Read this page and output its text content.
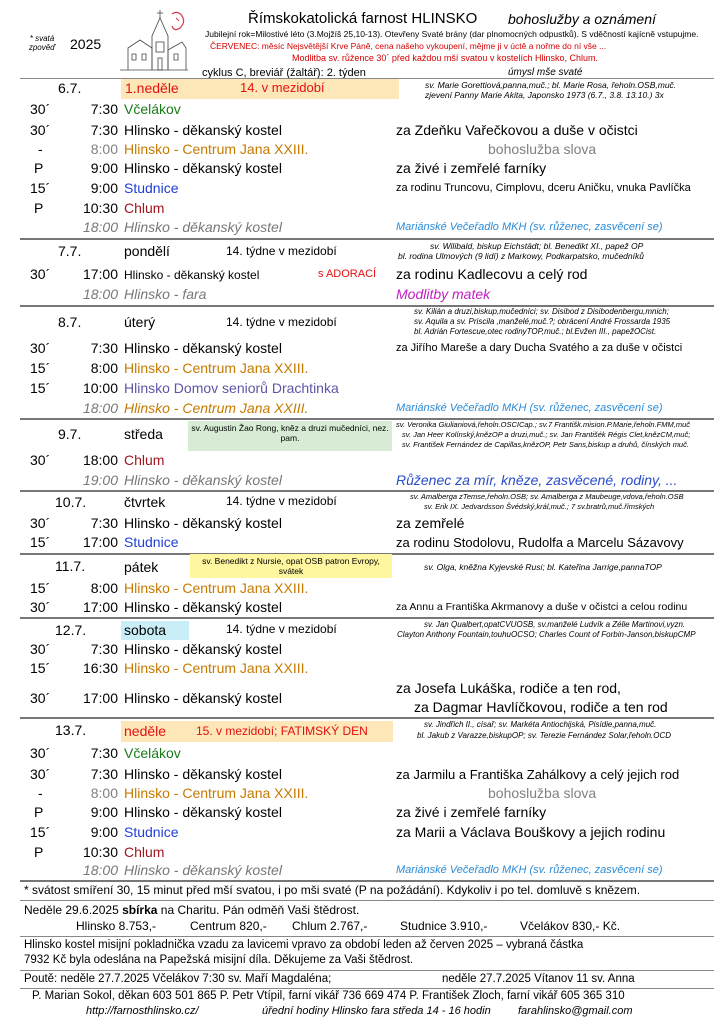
* svatá zpověď	2025
Římskokatolická farnost HLINSKO bohoslužby a oznámení
Jubilejní rok=Milostivé léto (3.Mojžíš 25,10-13). Otevřeny Svaté brány (dar plnomocných odpustků). S vděčností kajícně vstupujme.
ČERVENEC: měsíc Nejsvětější Krve Páně, cena našeho vykoupení, mějme ji v úctě a nořme do ní vše ...
Modlitba sv. růžence 30´ před každou mší svatou v kostelích Hlinsko, Chlum.
cyklus C, breviář (žaltář): 2. týden	úmysl mše svaté
6.7.	1.neděle	14. v mezidobí	sv. Marie Gorettiová,panna,muč.; bl. Marie Rosa, řeholn.OSB,muč.
zjevení Panny Marie Akita, Japonsko 1973 (6.7., 3.8. 13.10.) 3x
30´	7:30 Včelákov
30´	7:30 Hlinsko - děkanský kostel	za Zdeňku Vařečkovou a duše v očistci
-	8:00 Hlinsko - Centrum Jana XXIII.	bohoslužba slova
P	9:00 Hlinsko - děkanský kostel	za živé i zemřelé farníky
15´	9:00 Studnice	za rodinu Truncovu, Cimplovu, dceru Aničku, vnuka Pavlíčka
P	10:30 Chlum
18:00 Hlinsko - děkanský kostel	Mariánské Večeřadlo MKH (sv. růženec, zasvěcení se)
7.7.	pondělí	14. týdne v mezidobí	sv. Wilibald, biskup Eichstädt; bl. Benedikt XI., papež OP
bl. rodina Ulmových (9 lidí) z Markowy, Podkarpatsko, mučedníků
30´	17:00 Hlinsko - děkanský kostel	s ADORACÍ za rodinu Kadlecovu a celý rod
18:00 Hlinsko - fara	Modlitby matek
8.7.	úterý	14. týdne v mezidobí
sv. Kilián a druzi,biskup,mučedníci; sv. Disibod z Disibodenbergu,mnich;
sv. Aquila a sv. Priscila ,manželé,muč.?; obrácení André Frossarda 1935
bl. Adrián Fortescue,otec rodinyTOP,muč.; bl.Evžen III., papežOCist.
30´	7:30 Hlinsko - děkanský kostel	za Jiřího Mareše a dary Ducha Svatého a za duše v očistci
15´	8:00 Hlinsko - Centrum Jana XXIII.
15´	10:00 Hlinsko Domov seniorů Drachtinka
18:00 Hlinsko - Centrum Jana XXIII.	Mariánské Večeřadlo MKH (sv. růženec, zasvěcení se)
9.7.	středa	sv. Augustin Žao Rong, kněz a druzi mučedníci, nez. pam.
sv. Veronika Giulianiová,řeholn.OSCICap.; sv.7 Františk.mision.P.Marie,řeholn.FMM,muč
sv. Jan Heer Kolínský,knězOP a druzi,muč.; sv. Jan Františék Régis Clet,knězCM,muč;
sv. František Fernández de Capillas,knězOP, Petr Sans,biskup a druhů, čínských muč.
30´	18:00 Chlum
19:00 Hlinsko - děkanský kostel	Růženec za mír, kněze, zasvěcené, rodiny, ...
10.7.	čtvrtek	14. týdne v mezidobí	sv. Amalberga zTemse,řeholn.OSB; sv. Amalberga z Maubeuge,vdova,řeholn.OSB
sv. Erik IX. Jedvardsson Švédský,král,muč.; 7 sv.bratrů,muč.římských
30´	7:30 Hlinsko - děkanský kostel	za zemřelé
15´	17:00 Studnice	za rodinu Stodolovu, Rudolfa a Marcelu Sázavovy
11.7.	pátek	sv. Benedikt z Nursie, opat OSB patron Evropy, svátek	sv. Olga, kněžna Kyjevské Rusi; bl. Kateřina Jarrige,pannaTOP
15´	8:00 Hlinsko - Centrum Jana XXIII.
30´	17:00 Hlinsko - děkanský kostel	za Annu a Františka Akrmanovy a duše v očistci a celou rodinu
12.7.	sobota	14. týdne v mezidobí	sv. Jan Qualbert,opatCVUOSB, sv.manželé Ludvík a Zélie Martinovi,vyzn.
Clayton Anthony Fountain,touhuOCSO; Charles Count of Forbin-Janson,biskupCMP
30´	7:30 Hlinsko - děkanský kostel
15´	16:30 Hlinsko - Centrum Jana XXIII.
30´	17:00 Hlinsko - děkanský kostel
za Josefa Lukáška, rodiče a ten rod,
za Dagmar Havlíčkovou, rodiče a ten rod
13.7.	neděle 15. v mezidobí; FATIMSKÝ DEN	sv. Jindřich II., císař; sv. Markéta Antiochijská, Pisídie,panna,muč.
bl. Jakub z Varazze,biskupOP; sv. Terezie Fernández Solar,řeholn.OCD
30´	7:30 Včelákov
30´	7:30 Hlinsko - děkanský kostel	za Jarmilu a Františka Zahálkovy a celý jejich rod
-	8:00 Hlinsko - Centrum Jana XXIII.	bohoslužba slova
P	9:00 Hlinsko - děkanský kostel	za živé i zemřelé farníky
15´	9:00 Studnice	za Marii a Václava Bouškovy a jejich rodinu
P	10:30 Chlum
18:00 Hlinsko - děkanský kostel	Mariánské Večeřadlo MKH (sv. růženec, zasvěcení se)
* svátost smíření 30, 15 minut před mší svatou, i po mši svaté (P na požádání). Kdykoliv i po tel. domluvě s knězem.
Neděle 29.6.2025 sbírka na Charitu. Pán odměň Vaši štědrost.
Hlinsko 8.753,-	Centrum 820,- Chlum 2.767,-	Studnice 3.910,-	Včelákov 830,- Kč.
Hlinsko kostel misijní pokladnička vzadu za lavicemi vpravo za období leden až červen 2025 – vybraná částka
7932 Kč byla odeslána na Papežská misijní díla. Děkujeme za Vaši štědrost.
Poutě: neděle 27.7.2025 Včelákov 7:30 sv. Maří Magdaléna;	neděle 27.7.2025 Vítanov 11 sv. Anna
P. Marian Sokol, děkan 603 501 865 P. Petr Vtípil, farní vikář 736 669 474 P. František Zloch, farní vikář 605 365 310
http://farnosthlinsko.cz/	úřední hodiny Hlinsko fara středa 14 - 16 hodin farahlinsko@gmail.com
